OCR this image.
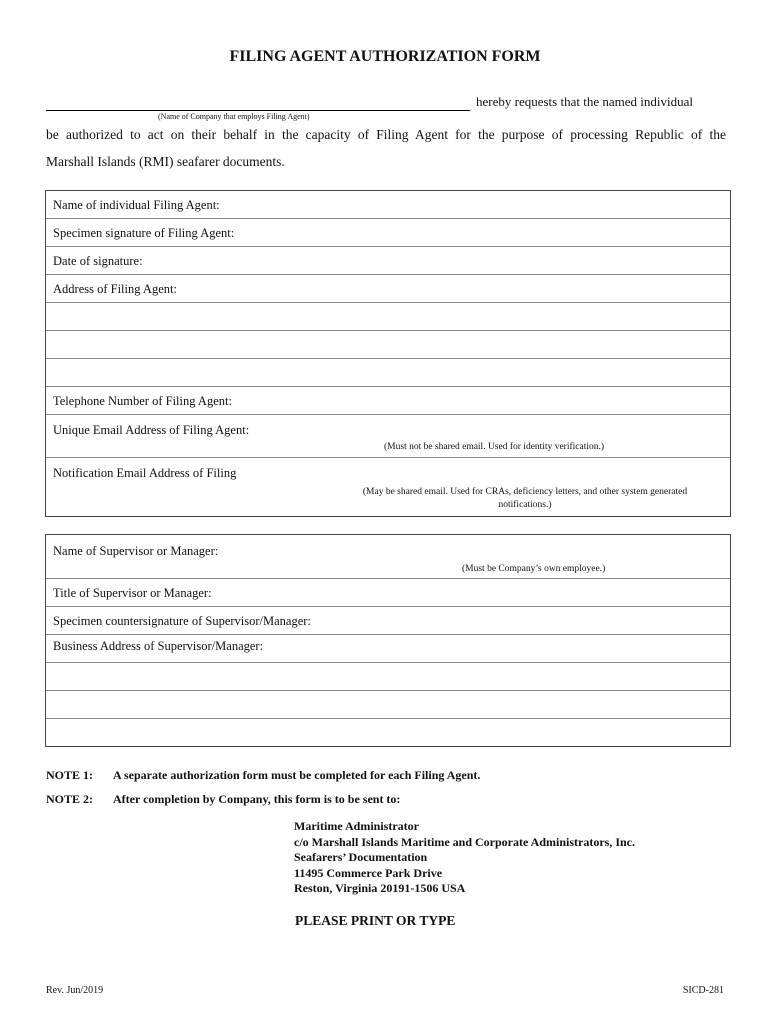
FILING AGENT AUTHORIZATION FORM
(Name of Company that employs Filing Agent)
hereby requests that the named individual
be authorized to act on their behalf in the capacity of Filing Agent for the purpose of processing Republic of the
Marshall Islands (RMI) seafarer documents.
Name of individual Filing Agent:
Specimen signature of Filing Agent:
Date of signature:
Address of Filing Agent:
Telephone Number of Filing Agent:
Unique Email Address of Filing Agent:
(Must not be shared email. Used for identity verification.)
Notification Email Address of Filing
(May be shared email. Used for CRAs, deficiency letters, and other system generated
notifications.)
Name of Supervisor or Manager:
(Must be Company’s own employee.)
Title of Supervisor or Manager:
Specimen countersignature of Supervisor/Manager:
Business Address of Supervisor/Manager:
NOTE 1: A separate authorization form must be completed for each Filing Agent.
NOTE 2: After completion by Company, this form is to be sent to:
Maritime Administrator
c/o Marshall Islands Maritime and Corporate Administrators, Inc.
Seafarers’ Documentation
11495 Commerce Park Drive
Reston, Virginia 20191-1506 USA
PLEASE PRINT OR TYPE
Rev. Jun/2019	SICD-281
